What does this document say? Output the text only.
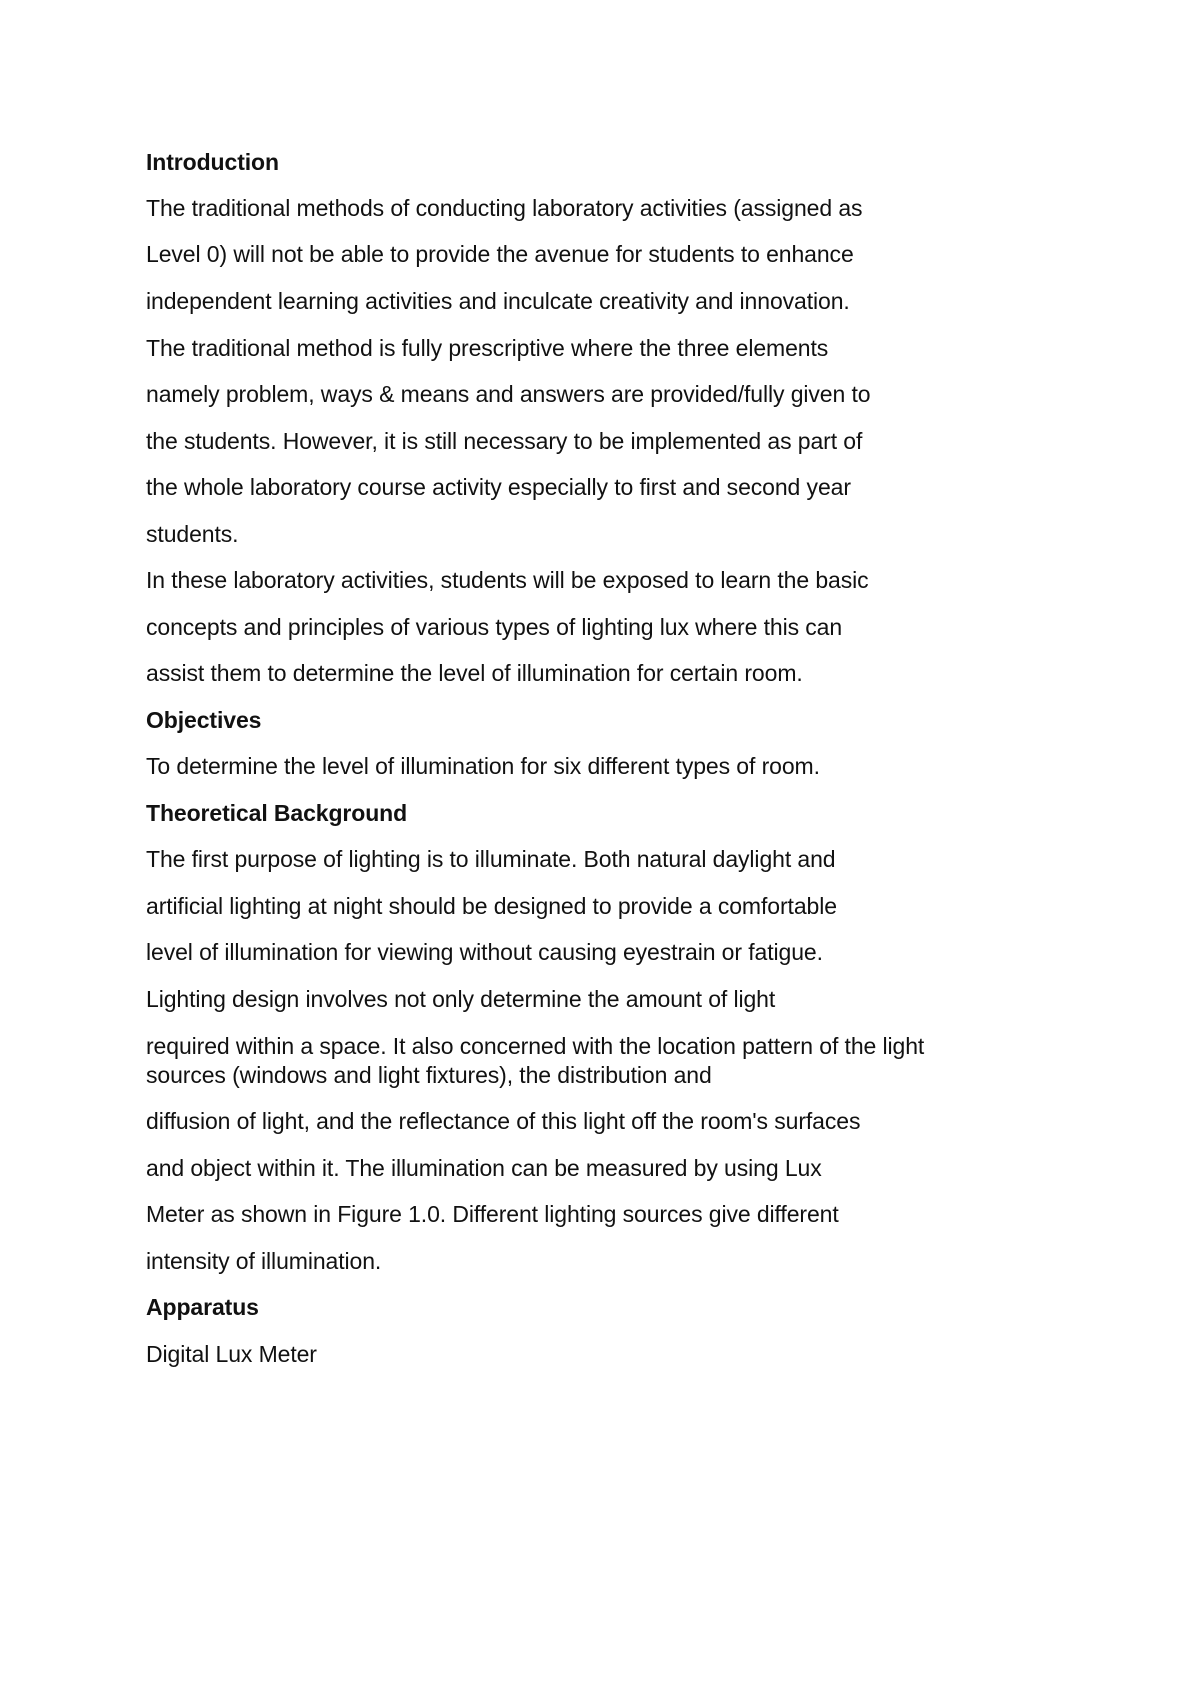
Introduction

The traditional methods of conducting laboratory activities (assigned as

Level 0) will not be able to provide the avenue for students to enhance

independent learning activities and inculcate creativity and innovation.

The traditional method is fully prescriptive where the three elements

namely problem, ways & means and answers are provided/fully given to

the students. However, it is still necessary to be implemented as part of

the whole laboratory course activity especially to first and second year

students.

In these laboratory activities, students will be exposed to learn the basic

concepts and principles of various types of lighting lux where this can

assist them to determine the level of illumination for certain room.

Objectives

To determine the level of illumination for six different types of room.

Theoretical Background

The first purpose of lighting is to illuminate. Both natural daylight and

artificial lighting at night should be designed to provide a comfortable

level of illumination for viewing without causing eyestrain or fatigue.

Lighting design involves not only determine the amount of light

required within a space. It also concerned with the location pattern of the light

sources (windows and light fixtures), the distribution and

diffusion of light, and the reflectance of this light off the room's surfaces

and object within it. The illumination can be measured by using Lux

Meter as shown in Figure 1.0. Different lighting sources give different

intensity of illumination.

Apparatus

Digital Lux Meter
